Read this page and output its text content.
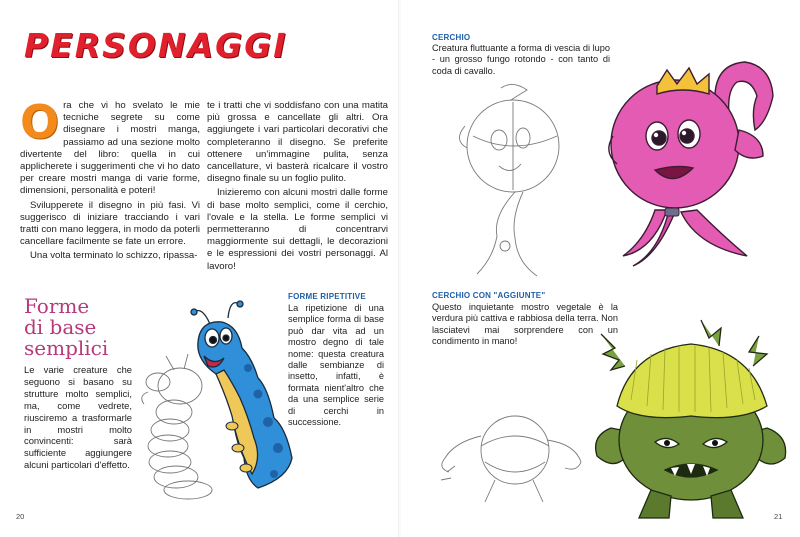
PERSONAGGI

Ora che vi ho svelato le mie tecniche segrete su come disegnare i mostri manga, passiamo ad una sezione molto divertente del libro: quella in cui applicherete i suggerimenti che vi ho dato per creare mostri manga di varie forme, dimensioni, personalità e poteri!

Svilupperete il disegno in più fasi. Vi suggerisco di iniziare tracciando i vari tratti con mano leggera, in modo da poterli cancellare facilmente se fate un errore.

Una volta terminato lo schizzo, ripassa-

te i tratti che vi soddisfano con una matita più grossa e cancellate gli altri. Ora aggiungete i vari particolari decorativi che completeranno il disegno. Se preferite ottenere un'immagine pulita, senza cancellature, vi basterà ricalcare il vostro disegno finale su un foglio pulito.

Inizieremo con alcuni mostri dalle forme di base molto semplici, come il cerchio, l'ovale e la stella. Le forme semplici vi permetteranno di concentrarvi maggiormente sui dettagli, le decorazioni e le espressioni dei vostri personaggi. Al lavoro!

Forme
di base
semplici
Le varie creature che seguono si basano su strutture molto semplici, ma, come vedrete, riusciremo a trasformarle in mostri molto convincenti: sarà sufficiente aggiungere alcuni particolari d'effetto.
FORME RIPETITIVE
La ripetizione di una semplice forma di base può dar vita ad un mostro degno di tale nome: questa creatura dalle sembianze di insetto, infatti, è formata nient'altro che da una semplice serie di cerchi in successione.
20
CERCHIO
Creatura fluttuante a forma di vescia di lupo - un grosso fungo rotondo - con tanto di coda di cavallo.
CERCHIO CON "AGGIUNTE"
Questo inquietante mostro vegetale è la verdura più cattiva e rabbiosa della terra. Non lasciatevi mai sorprendere con un condimento in mano!
21
